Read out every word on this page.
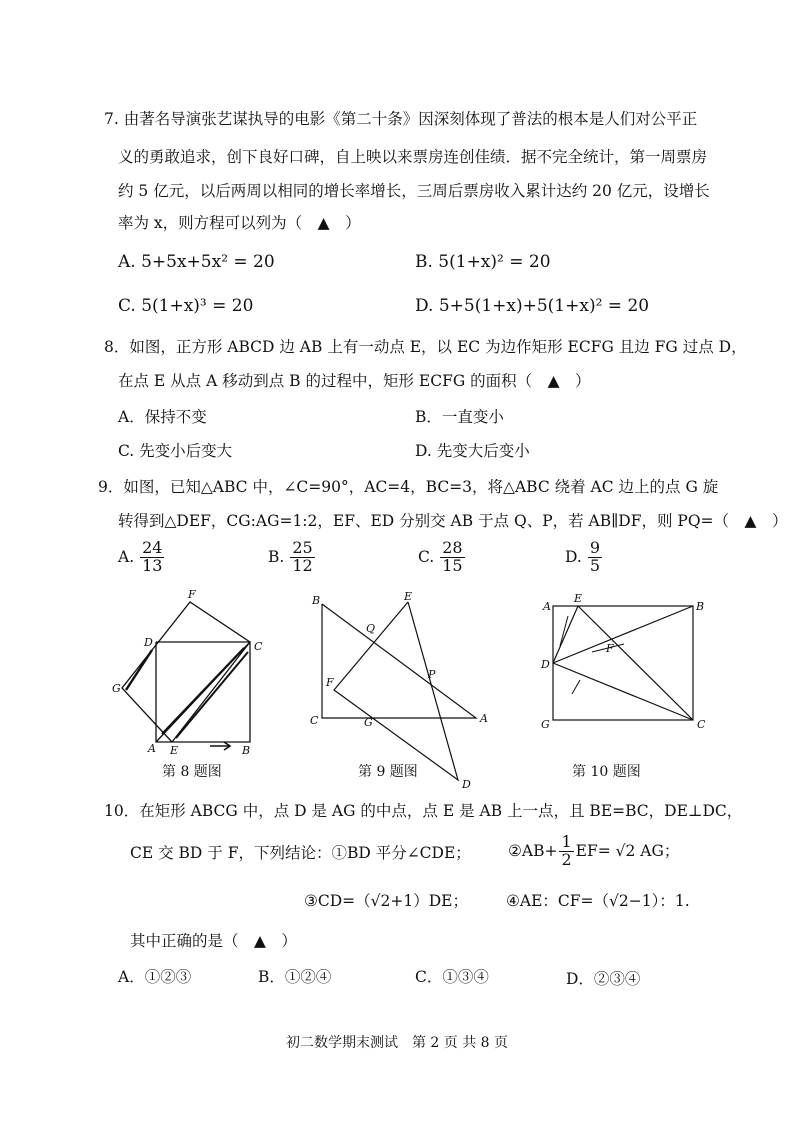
7. 由著名导演张艺谋执导的电影《第二十条》因深刻体现了普法的根本是人们对公平正
义的勇敢追求，创下良好口碑，自上映以来票房连创佳绩．据不完全统计，第一周票房
约 5 亿元，以后两周以相同的增长率增长，三周后票房收入累计达约 20 亿元，设增长
率为 x，则方程可以列为（　▲　）
A. 5+5x+5x² = 20	B. 5(1+x)² = 20
C. 5(1+x)³ = 20	D. 5+5(1+x)+5(1+x)² = 20
8．如图，正方形 ABCD 边 AB 上有一动点 E，以 EC 为边作矩形 ECFG 且边 FG 过点 D，
在点 E 从点 A 移动到点 B 的过程中，矩形 ECFG 的面积（　▲　）
A．保持不变	B．一直变小
C. 先变小后变大	D. 先变大后变小
9．如图，已知△ABC 中，∠C=90°，AC=4，BC=3，将△ABC 绕着 AC 边上的点 G 旋
转得到△DEF，CG:AG=1:2，EF、ED 分别交 AB 于点 Q、P，若 AB∥DF，则 PQ=（　▲　）
A. $\frac{24}{13}$	B. $\frac{25}{12}$	C. $\frac{28}{15}$	D. $\frac{9}{5}$
F
D	C
G
A E	B
B	E
Q
P
F
C	G	A
D
A
E
B
F
D
G	C
第 8 题图	第 9 题图	第 10 题图
10．在矩形 ABCG 中，点 D 是 AG 的中点，点 E 是 AB 上一点，且 BE=BC，DE⊥DC，
CE 交 BD 于 F，下列结论：①BD 平分∠CDE； ②AB+ $\frac{1}{2} EF= √2$ AG；
③CD=（√2+1）DE； ④AE：CF=（√2−1）：1.
其中正确的是（　▲　）
A．①②③	B．①②④	C．①③④	D．②③④
初二数学期末测试　第 2 页 共 8 页
